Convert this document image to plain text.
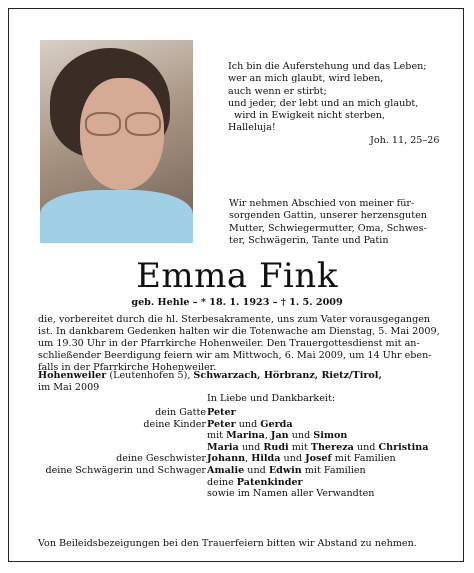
Ich bin die Auferstehung und das Leben;
wer an mich glaubt, wird leben,
auch wenn er stirbt;
und jeder, der lebt und an mich glaubt,
wird in Ewigkeit nicht sterben,
Halleluja!
Joh. 11, 25–26
Wir nehmen Abschied von meiner für-
sorgenden Gattin, unserer herzensguten
Mutter, Schwiegermutter, Oma, Schwes-
ter, Schwägerin, Tante und Patin
Emma Fink
geb. Hehle – * 18. 1. 1923 – † 1. 5. 2009
die, vorbereitet durch die hl. Sterbesakramente, uns zum Vater vorausgegangen
ist. In dankbarem Gedenken halten wir die Totenwache am Dienstag, 5. Mai 2009,
um 19.30 Uhr in der Pfarrkirche Hohenweiler. Den Trauergottesdienst mit an-
schließender Beerdigung feiern wir am Mittwoch, 6. Mai 2009, um 14 Uhr eben-
falls in der Pfarrkirche Hohenweiler.
Hohenweiler (Leutenhofen 5), Schwarzach, Hörbranz, Rietz/Tirol,
im Mai 2009
In Liebe und Dankbarkeit:
dein Gatte
deine Kinder
deine Geschwister
deine Schwägerin und Schwager
Peter
Peter und Gerda
mit Marina, Jan und Simon
Maria und Rudi mit Thereza und Christina
Johann, Hilda und Josef mit Familien
Amalie und Edwin mit Familien
deine Patenkinder
sowie im Namen aller Verwandten
Von Beileidsbezeigungen bei den Trauerfeiern bitten wir Abstand zu nehmen.
